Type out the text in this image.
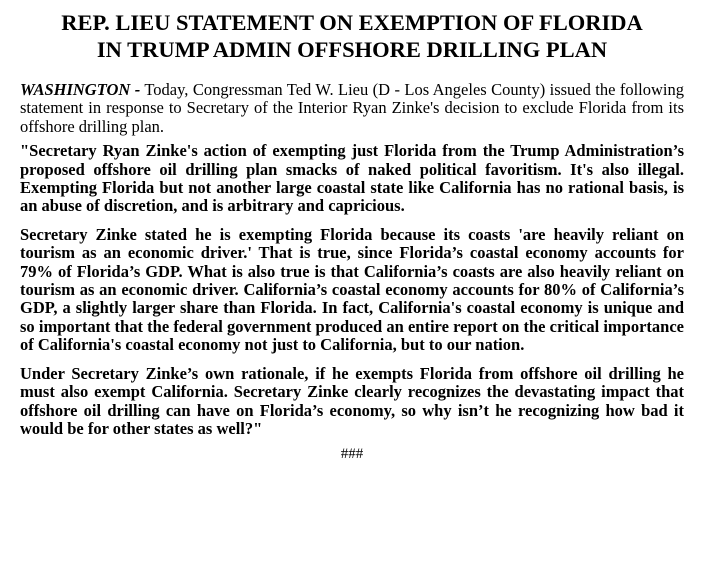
REP. LIEU STATEMENT ON EXEMPTION OF FLORIDA
IN TRUMP ADMIN OFFSHORE DRILLING PLAN

WASHINGTON - Today, Congressman Ted W. Lieu (D - Los Angeles County) issued the following statement in response to Secretary of the Interior Ryan Zinke's decision to exclude Florida from its offshore drilling plan.

"Secretary Ryan Zinke's action of exempting just Florida from the Trump Administration’s proposed offshore oil drilling plan smacks of naked political favoritism. It's also illegal. Exempting Florida but not another large coastal state like California has no rational basis, is an abuse of discretion, and is arbitrary and capricious.

Secretary Zinke stated he is exempting Florida because its coasts 'are heavily reliant on tourism as an economic driver.' That is true, since Florida’s coastal economy accounts for 79% of Florida’s GDP. What is also true is that California’s coasts are also heavily reliant on tourism as an economic driver. California’s coastal economy accounts for 80% of California’s GDP, a slightly larger share than Florida. In fact, California's coastal economy is unique and so important that the federal government produced an entire report on the critical importance of California's coastal economy not just to California, but to our nation.

Under Secretary Zinke’s own rationale, if he exempts Florida from offshore oil drilling he must also exempt California. Secretary Zinke clearly recognizes the devastating impact that offshore oil drilling can have on Florida’s economy, so why isn’t he recognizing how bad it would be for other states as well?"

###
